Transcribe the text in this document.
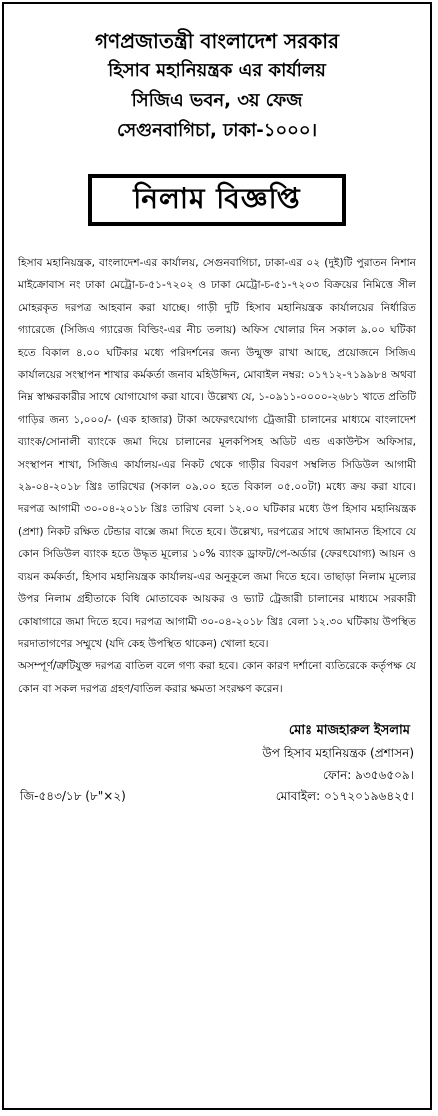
গণপ্রজাতন্ত্রী বাংলাদেশ সরকার
হিসাব মহানিয়ন্ত্রক এর কার্যালয়
সিজিএ ভবন, ৩য় ফেজ
সেগুনবাগিচা, ঢাকা-১০০০।
নিলাম বিজ্ঞপ্তি

হিসাব মহানিয়ন্ত্রক, বাংলাদেশ-এর কার্যালয়, সেগুনবাগিচা, ঢাকা-এর ০২ (দুই)টি পুরাতন নিশান মাইক্রোবাস নং ঢাকা মেট্রো-চ-৫১-৭২০২ ও ঢাকা মেট্রো-চ-৫১-৭২০৩ বিক্রয়ের নিমিত্তে সীল মোহরকৃত দরপত্র আহবান করা যাচ্ছে। গাড়ী দুটি হিসাব মহানিয়ন্ত্রক কার্যালয়ের নির্ধারিত গ্যারেজে (সিজিএ গ্যারেজ বিল্ডিং-এর নীচ তলায়) অফিস খোলার দিন সকাল ৯.০০ ঘটিকা হতে বিকাল ৪.০০ ঘটিকার মধ্যে পরিদর্শনের জন্য উন্মুক্ত রাখা আছে, প্রয়োজনে সিজিএ কার্যালয়ের সংস্থাপন শাখার কর্মকর্তা জনাব মহিউদ্দিন, মোবাইল নম্বর: ০১৭১২-৭১৯৯৮৪ অথবা নিম্ন স্বাক্ষরকারীর সাথে যোগাযোগ করা যাবে। উল্লেখ্য যে, ১-০৯১১-০০০০-২৬৮১ খাতে প্রতিটি গাড়ির জন্য ১,০০০/- (এক হাজার) টাকা অফেরৎযোগ্য ট্রেজারী চালানের মাধ্যমে বাংলাদেশ ব্যাংক/সোনালী ব্যাংকে জমা দিয়ে চালানের মূলকপিসহ অডিট এন্ড একাউন্টস অফিসার, সংস্থাপন শাখা, সিজিএ কার্যালয়-এর নিকট থেকে গাড়ীর বিবরণ সম্বলিত সিডিউল আগামী ২৯-০৪-২০১৮ খ্রিঃ তারিখের (সকাল ০৯.০০ হতে বিকাল ০৫.০০টা) মধ্যে ক্রয় করা যাবে। দরপত্র আগামী ৩০-০৪-২০১৮ খ্রিঃ তারিখ বেলা ১২.০০ ঘটিকার মধ্যে উপ হিসাব মহানিয়ন্ত্রক (প্রশা) নিকট রক্ষিত টেন্ডার বাক্সে জমা দিতে হবে। উল্লেখ্য, দরপত্রের সাথে জামানত হিসাবে যে কোন সিডিউল ব্যাংক হতে উদ্ধৃত মূল্যের ১০% ব্যাংক ড্রাফট/পে-অর্ডার (ফেরৎযোগ্য) আয়ন ও ব্যয়ন কর্মকর্তা, হিসাব মহানিয়ন্ত্রক কার্যালয়-এর অনুকূলে জমা দিতে হবে। তাছাড়া নিলাম মূল্যের উপর নিলাম গ্রহীতাকে বিধি মোতাবেক আয়কর ও ভ্যাট ট্রেজারী চালানের মাধ্যমে সরকারী কোষাগারে জমা দিতে হবে। দরপত্র আগামী ৩০-০৪-২০১৮ খ্রিঃ বেলা ১২.৩০ ঘটিকায় উপস্থিত দরদাতাগণের সম্মুখে (যদি কেহ উপস্থিত থাকেন) খোলা হবে।

অসম্পূর্ণ/ত্রুটিযুক্ত দরপত্র বাতিল বলে গণ্য করা হবে। কোন কারণ দর্শানো ব্যতিরেকে কর্তৃপক্ষ যে কোন বা সকল দরপত্র গ্রহণ/বাতিল করার ক্ষমতা সংরক্ষণ করেন।

মোঃ মাজহারুল ইসলাম
উপ হিসাব মহানিয়ন্ত্রক (প্রশাসন)
ফোন: ৯৩৫৬৫০৯।
জি-৫৪৩/১৮ (৮"×২)	মোবাইল: ০১৭২০১৯৬৪২৫।
